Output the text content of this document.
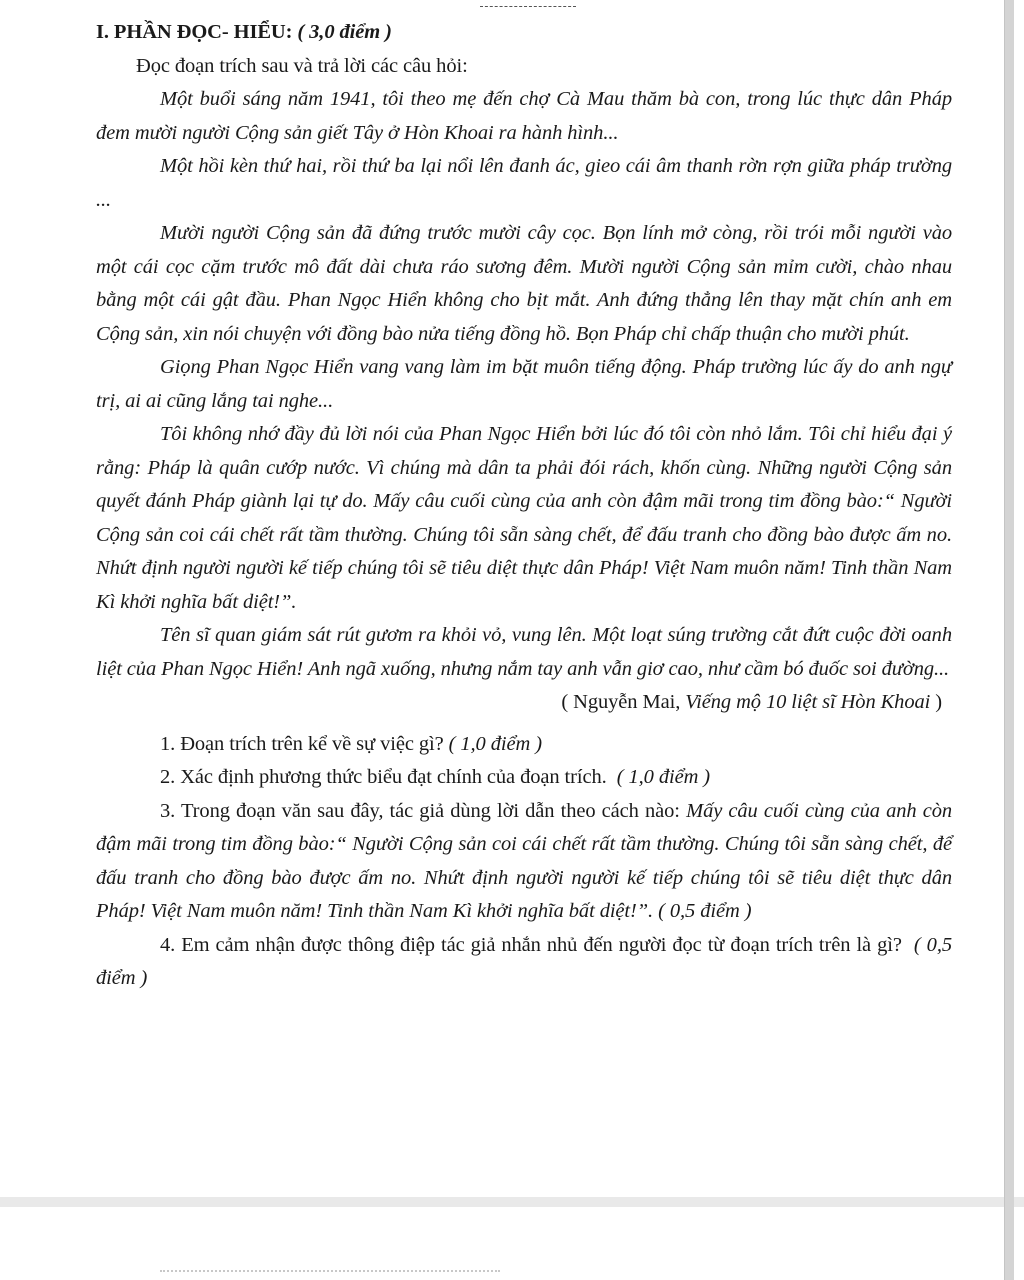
I. PHẦN ĐỌC- HIỂU: ( 3,0 điểm )

Đọc đoạn trích sau và trả lời các câu hỏi:

Một buổi sáng năm 1941, tôi theo mẹ đến chợ Cà Mau thăm bà con, trong lúc thực dân Pháp đem mười người Cộng sản giết Tây ở Hòn Khoai ra hành hình...

Một hồi kèn thứ hai, rồi thứ ba lại nổi lên đanh ác, gieo cái âm thanh rờn rợn giữa pháp trường ...

Mười người Cộng sản đã đứng trước mười cây cọc. Bọn lính mở còng, rồi trói mỗi người vào một cái cọc cặm trước mô đất dài chưa ráo sương đêm. Mười người Cộng sản mỉm cười, chào nhau bằng một cái gật đầu. Phan Ngọc Hiển không cho bịt mắt. Anh đứng thẳng lên thay mặt chín anh em Cộng sản, xin nói chuyện với đồng bào nửa tiếng đồng hồ. Bọn Pháp chỉ chấp thuận cho mười phút.

Giọng Phan Ngọc Hiển vang vang làm im bặt muôn tiếng động. Pháp trường lúc ấy do anh ngự trị, ai ai cũng lắng tai nghe...

Tôi không nhớ đầy đủ lời nói của Phan Ngọc Hiển bởi lúc đó tôi còn nhỏ lắm. Tôi chỉ hiểu đại ý rằng: Pháp là quân cướp nước. Vì chúng mà dân ta phải đói rách, khốn cùng. Những người Cộng sản quyết đánh Pháp giành lại tự do. Mấy câu cuối cùng của anh còn đậm mãi trong tim đồng bào:“ Người Cộng sản coi cái chết rất tầm thường. Chúng tôi sẵn sàng chết, để đấu tranh cho đồng bào được ấm no. Nhứt định người người kế tiếp chúng tôi sẽ tiêu diệt thực dân Pháp! Việt Nam muôn năm! Tinh thần Nam Kì khởi nghĩa bất diệt!”.

Tên sĩ quan giám sát rút gươm ra khỏi vỏ, vung lên. Một loạt súng trường cắt đứt cuộc đời oanh liệt của Phan Ngọc Hiển! Anh ngã xuống, nhưng nắm tay anh vẫn giơ cao, như cầm bó đuốc soi đường...

( Nguyễn Mai, Viếng mộ 10 liệt sĩ Hòn Khoai )

1. Đoạn trích trên kể về sự việc gì? ( 1,0 điểm )

2. Xác định phương thức biểu đạt chính của đoạn trích. ( 1,0 điểm )

3. Trong đoạn văn sau đây, tác giả dùng lời dẫn theo cách nào: Mấy câu cuối cùng của anh còn đậm mãi trong tim đồng bào:“ Người Cộng sản coi cái chết rất tầm thường. Chúng tôi sẵn sàng chết, để đấu tranh cho đồng bào được ấm no. Nhứt định người người kế tiếp chúng tôi sẽ tiêu diệt thực dân Pháp! Việt Nam muôn năm! Tinh thần Nam Kì khởi nghĩa bất diệt!”. ( 0,5 điểm )

4. Em cảm nhận được thông điệp tác giả nhắn nhủ đến người đọc từ đoạn trích trên là gì? ( 0,5 điểm )
